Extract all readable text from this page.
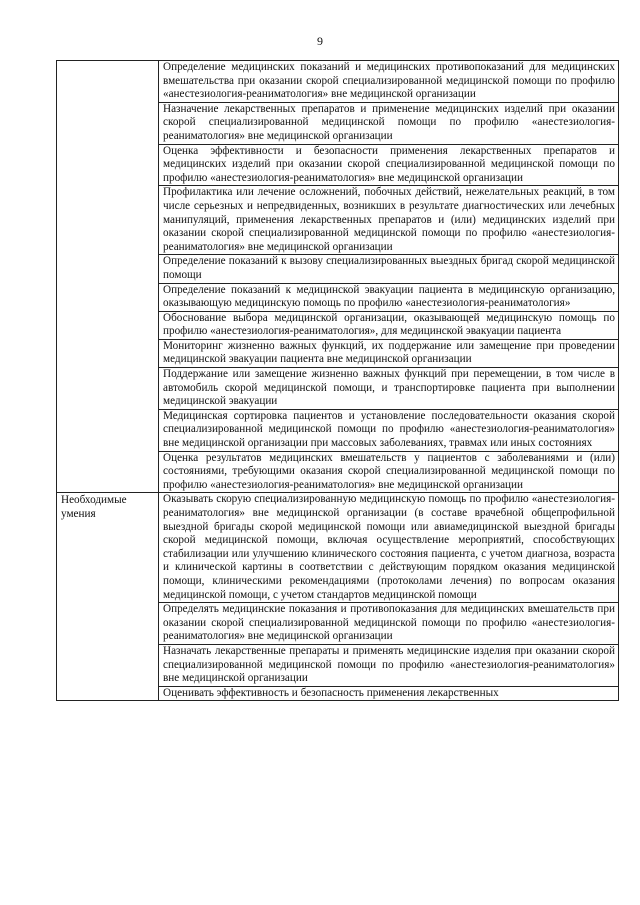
9
	Определение медицинских показаний и медицинских противопоказаний для медицинских вмешательства при оказании скорой специализированной медицинской помощи по профилю «анестезиология-реаниматология» вне медицинской организации
	Назначение лекарственных препаратов и применение медицинских изделий при оказании скорой специализированной медицинской помощи по профилю «анестезиология-реаниматология» вне медицинской организации
	Оценка эффективности и безопасности применения лекарственных препаратов и медицинских изделий при оказании скорой специализированной медицинской помощи по профилю «анестезиология-реаниматология» вне медицинской организации
	Профилактика или лечение осложнений, побочных действий, нежелательных реакций, в том числе серьезных и непредвиденных, возникших в результате диагностических или лечебных манипуляций, применения лекарственных препаратов и (или) медицинских изделий при оказании скорой специализированной медицинской помощи по профилю «анестезиология-реаниматология» вне медицинской организации
	Определение показаний к вызову специализированных выездных бригад скорой медицинской помощи
	Определение показаний к медицинской эвакуации пациента в медицинскую организацию, оказывающую медицинскую помощь по профилю «анестезиология-реаниматология»
	Обоснование выбора медицинской организации, оказывающей медицинскую помощь по профилю «анестезиология-реаниматология», для медицинской эвакуации пациента
	Мониторинг жизненно важных функций, их поддержание или замещение при проведении медицинской эвакуации пациента вне медицинской организации
	Поддержание или замещение жизненно важных функций при перемещении, в том числе в автомобиль скорой медицинской помощи, и транспортировке пациента при выполнении медицинской эвакуации
	Медицинская сортировка пациентов и установление последовательности оказания скорой специализированной медицинской помощи по профилю «анестезиология-реаниматология» вне медицинской организации при массовых заболеваниях, травмах или иных состояниях
	Оценка результатов медицинских вмешательств у пациентов с заболеваниями и (или) состояниями, требующими оказания скорой специализированной медицинской помощи по профилю «анестезиология-реаниматология» вне медицинской организации

Необходимые умения	Оказывать скорую специализированную медицинскую помощь по профилю «анестезиология-реаниматология» вне медицинской организации (в составе врачебной общепрофильной выездной бригады скорой медицинской помощи или авиамедицинской выездной бригады скорой медицинской помощи, включая осуществление мероприятий, способствующих стабилизации или улучшению клинического состояния пациента, с учетом диагноза, возраста и клинической картины в соответствии с действующим порядком оказания медицинской помощи, клиническими рекомендациями (протоколами лечения) по вопросам оказания медицинской помощи, с учетом стандартов медицинской помощи
	Определять медицинские показания и противопоказания для медицинских вмешательств при оказании скорой специализированной медицинской помощи по профилю «анестезиология-реаниматология» вне медицинской организации
	Назначать лекарственные препараты и применять медицинские изделия при оказании скорой специализированной медицинской помощи по профилю «анестезиология-реаниматология» вне медицинской организации
	Оценивать эффективность и безопасность применения лекарственных
